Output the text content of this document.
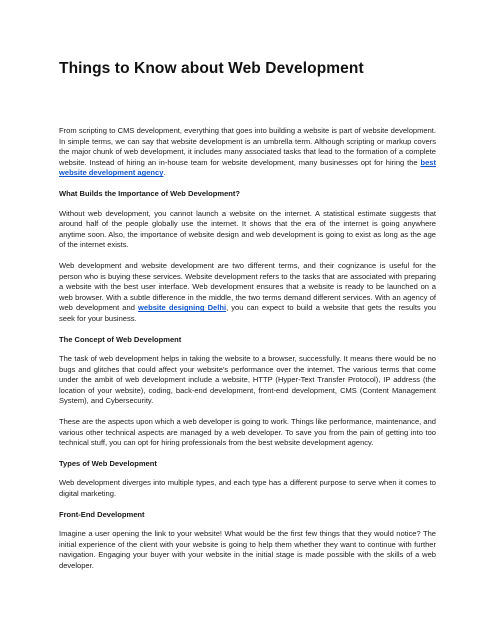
Things to Know about Web Development

From scripting to CMS development, everything that goes into building a website is part of website development. In simple terms, we can say that website development is an umbrella term. Although scripting or markup covers the major chunk of web development, it includes many associated tasks that lead to the formation of a complete website. Instead of hiring an in-house team for website development, many businesses opt for hiring the best website development agency.

What Builds the Importance of Web Development?

Without web development, you cannot launch a website on the internet. A statistical estimate suggests that around half of the people globally use the internet. It shows that the era of the internet is going anywhere anytime soon. Also, the importance of website design and web development is going to exist as long as the age of the internet exists.

Web development and website development are two different terms, and their cognizance is useful for the person who is buying these services. Website development refers to the tasks that are associated with preparing a website with the best user interface. Web development ensures that a website is ready to be launched on a web browser. With a subtle difference in the middle, the two terms demand different services. With an agency of web development and website designing Delhi, you can expect to build a website that gets the results you seek for your business.

The Concept of Web Development

The task of web development helps in taking the website to a browser, successfully. It means there would be no bugs and glitches that could affect your website’s performance over the internet. The various terms that come under the ambit of web development include a website, HTTP (Hyper-Text Transfer Protocol), IP address (the location of your website), coding, back-end development, front-end development, CMS (Content Management System), and Cybersecurity.

These are the aspects upon which a web developer is going to work. Things like performance, maintenance, and various other technical aspects are managed by a web developer. To save you from the pain of getting into too technical stuff, you can opt for hiring professionals from the best website development agency.

Types of Web Development

Web development diverges into multiple types, and each type has a different purpose to serve when it comes to digital marketing.

Front-End Development

Imagine a user opening the link to your website! What would be the first few things that they would notice? The initial experience of the client with your website is going to help them whether they want to continue with further navigation. Engaging your buyer with your website in the initial stage is made possible with the skills of a web developer.
